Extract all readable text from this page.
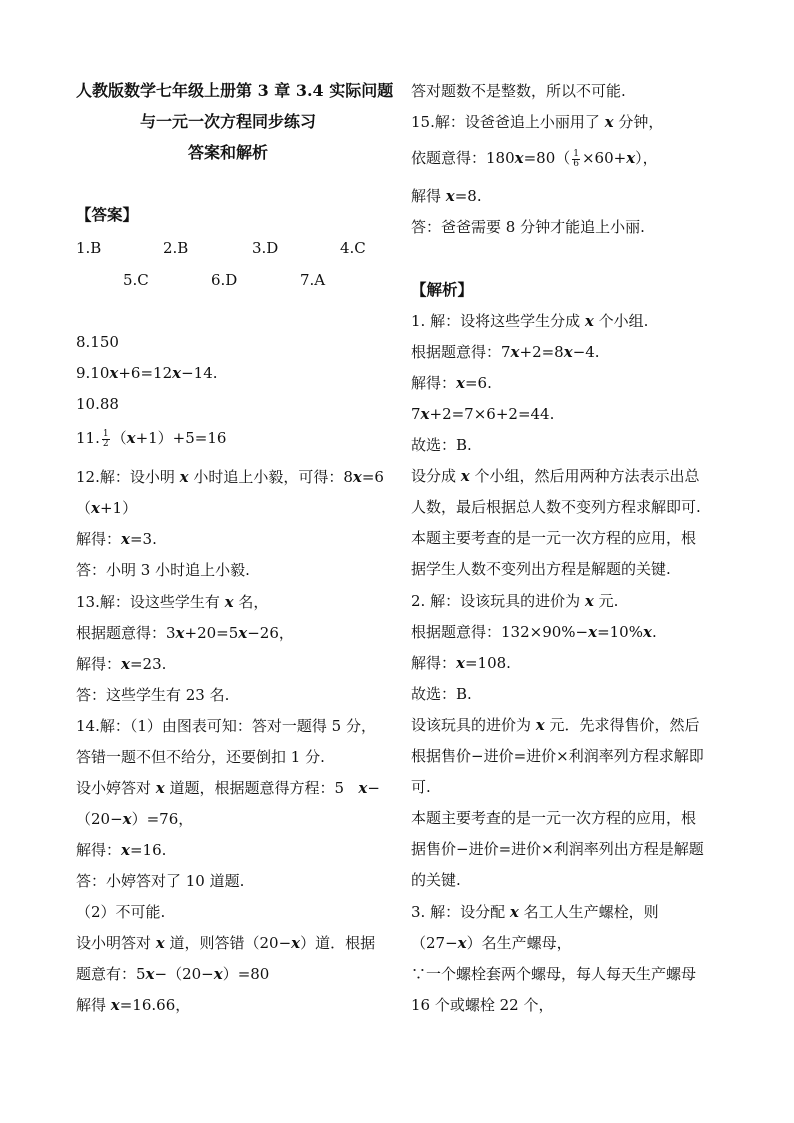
人教版数学七年级上册第 3 章 3.4 实际问题
与一元一次方程同步练习
答案和解析
【答案】
1.B	2.B	3.D	4.C
5.C	6.D	7.A
8.150
9.10x+6=12x−14.
10.88
11. $\frac{1}{2} (x+1)+5=16$
12.解：设小明 x 小时追上小毅，可得：8x=6
（x+1）
解得：x=3.
答：小明 3 小时追上小毅.
13.解：设这些学生有 x 名，
根据题意得：3x+20=5x−26，
解得：x=23.
答：这些学生有 23 名.
14.解：（1）由图表可知：答对一题得 5 分，
答错一题不但不给分，还要倒扣 1 分.
设小婷答对 x 道题，根据题意得方程：5 x−
（20−x）=76，
解得：x=16.
答：小婷答对了 10 道题.
（2）不可能.
设小明答对 x 道，则答错（20−x）道．根据
题意有：5x−（20−x）=80
解得 x=16.66，
答对题数不是整数，所以不可能.
15.解：设爸爸追上小丽用了 x 分钟，
依题意得：$180x=80( \frac{1}{6} \times 60+x)$，
解得 x=8.
答：爸爸需要 8 分钟才能追上小丽.
【解析】
1. 解：设将这些学生分成 x 个小组.
根据题意得：7x+2=8x−4.
解得：x=6.
7x+2=7×6+2=44.
故选：B.
设分成 x 个小组，然后用两种方法表示出总
人数，最后根据总人数不变列方程求解即可.
本题主要考查的是一元一次方程的应用，根
据学生人数不变列出方程是解题的关键.
2. 解：设该玩具的进价为 x 元.
根据题意得：132×90%−x=10%x.
解得：x=108.
故选：B.
设该玩具的进价为 x 元．先求得售价，然后
根据售价−进价=进价×利润率列方程求解即
可.
本题主要考查的是一元一次方程的应用，根
据售价−进价=进价×利润率列出方程是解题
的关键.
3. 解：设分配 x 名工人生产螺栓，则
（27−x）名生产螺母，
∵一个螺栓套两个螺母，每人每天生产螺母
16 个或螺栓 22 个，
